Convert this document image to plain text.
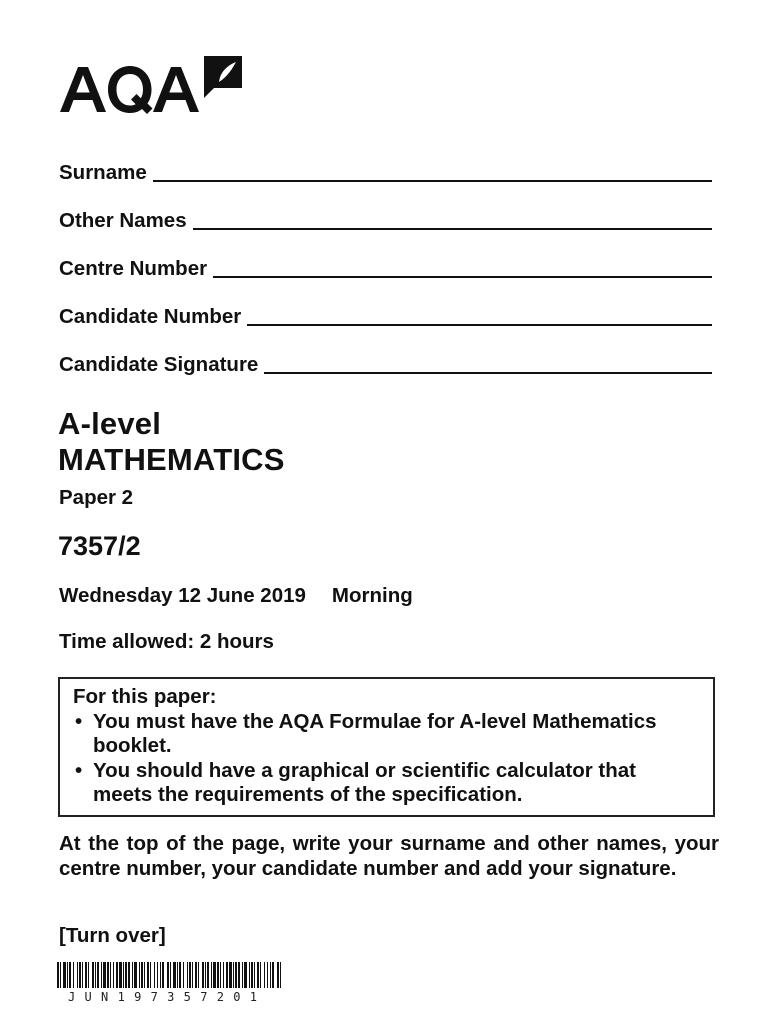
Surname
Other Names
Centre Number
Candidate Number
Candidate Signature
A-level
MATHEMATICS
Paper 2
7357/2
Wednesday 12 June 2019 Morning
Time allowed: 2 hours
For this paper:
• You must have the AQA Formulae for A-level Mathematics booklet.
• You should have a graphical or scientific calculator that meets the requirements of the specification.
At the top of the page, write your surname and other names, your centre number, your candidate number and add your signature.
[Turn over]
JUN197357201
